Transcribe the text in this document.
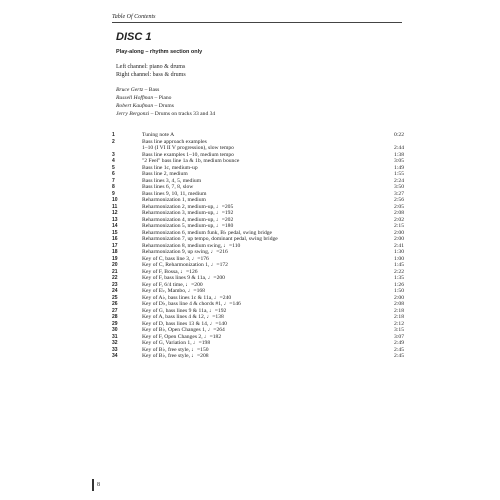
Table Of Contents
DISC 1
Play-along – rhythm section only
Left channel: piano & drums
Right channel: bass & drums
Bruce Gertz – Bass
Russell Hoffman – Piano
Robert Kaufman – Drums
Jerry Bergonzi – Drums on tracks 33 and 34
1	Tuning note A	0:22
2	Bass line approach examples
1–10 (I VI II V progression), slow tempo	2:44
3	Bass line examples 1–10, medium tempo	1:38
4	"2 Feel" bass line 1a & 1b, medium bounce	3:05
5	Bass line 1c, medium-up	1:49
6	Bass line 2, medium	1:55
7	Bass lines 3, 4, 5, medium	2:24
8	Bass lines 6, 7, 8, slow	3:50
9	Bass lines 9, 10, 11, medium	3:27
10	Reharmonization 1, medium	2:56
11	Reharmonization 2, medium-up, ♩=205	2:05
12	Reharmonization 3, medium-up, ♩=192	2:08
13	Reharmonization 4, medium-up, ♩=202	2:02
14	Reharmonization 5, medium-up, ♩=180	2:15
15	Reharmonization 6, medium funk, B♭ pedal, swing bridge	2:00
16	Reharmonization 7, up tempo, dominant pedal, swing bridge	2:00
17	Reharmonization 8, medium swing, ♩=110	2:41
18	Reharmonization 9, up swing, ♩=216	1:30
19	Key of C, bass line 3, ♩=176	1:00
20	Key of C, Reharmonization 1, ♩=172	1:45
21	Key of F, Bossa, ♩=126	2:22
22	Key of F, bass lines 9 & 11a, ♩=200	1:35
23	Key of F, 6/4 time, ♩=200	1:26
24	Key of E♭, Mambo, ♩=168	1:50
25	Key of A♭, bass lines 1c & 11a, ♩=240	2:00
26	Key of D♭, bass line 4 & chords #1, ♩=146	2:08
27	Key of G, bass lines 9 & 11a, ♩=192	2:18
28	Key of A, bass lines 4 & 12, ♩=138	2:18
29	Key of D, bass lines 13 & 14, ♩=140	2:12
30	Key of B♭, Open Changes 1, ♩=264	3:15
31	Key of F, Open Changes 2, ♩=182	3:07
32	Key of G, Variation 1, ♩=198	2:49
33	Key of B♭, free style, ♩=150	2:45
34	Key of B♭, free style, ♩=208	2:45
8
